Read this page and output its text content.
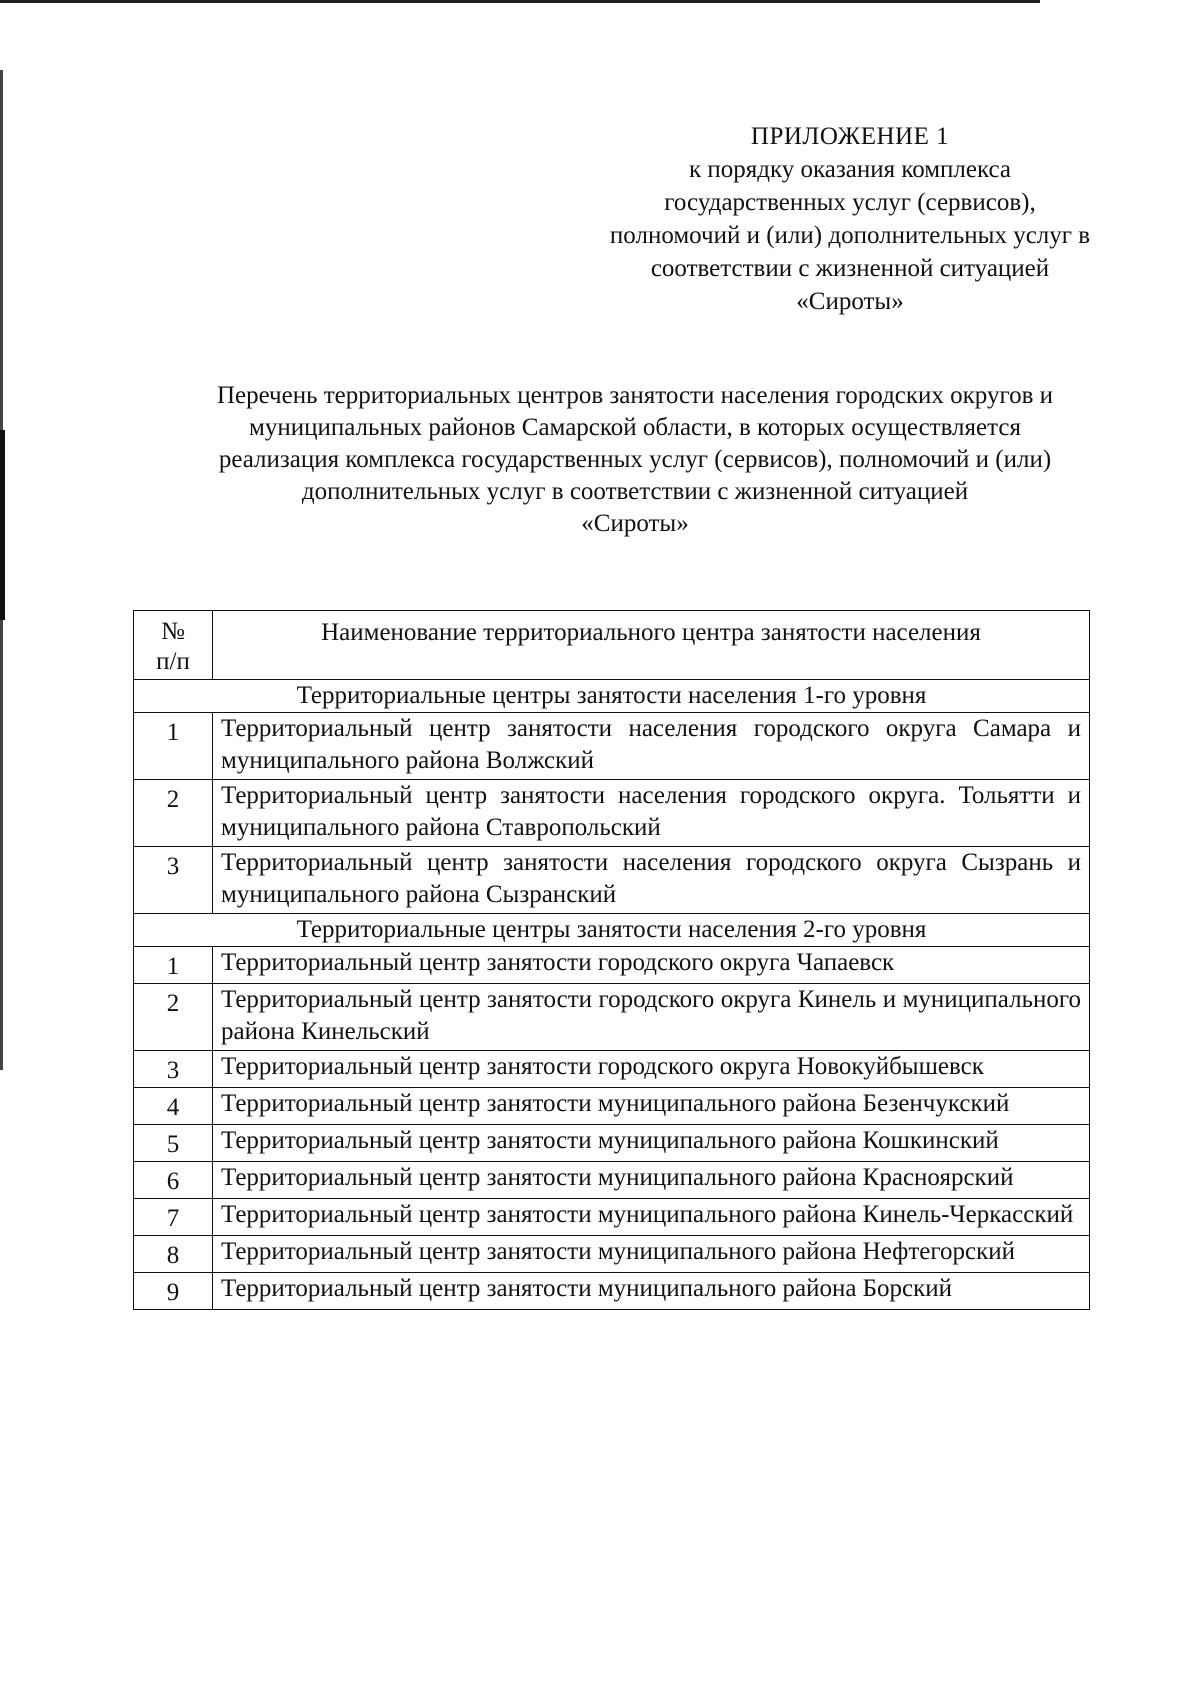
ПРИЛОЖЕНИЕ 1
к порядку оказания комплекса
государственных услуг (сервисов),
полномочий и (или) дополнительных услуг в
соответствии с жизненной ситуацией
«Сироты»
Перечень территориальных центров занятости населения городских округов и
муниципальных районов Самарской области, в которых осуществляется
реализация комплекса государственных услуг (сервисов), полномочий и (или)
дополнительных услуг в соответствии с жизненной ситуацией
«Сироты»
№
п/п	Наименование территориального центра занятости населения
Территориальные центры занятости населения 1-го уровня	
1	Территориальный центр занятости населения городского округа Самара и муниципального района Волжский
2	Территориальный центр занятости населения городского округа. Тольятти и муниципального района Ставропольский
3	Территориальный центр занятости населения городского округа Сызрань и муниципального района Сызранский
Территориальные центры занятости населения 2-го уровня	
1	Территориальный центр занятости городского округа Чапаевск
2	Территориальный центр занятости городского округа Кинель и муниципального района Кинельский
3	Территориальный центр занятости городского округа Новокуйбышевск
4	Территориальный центр занятости муниципального района Безенчукский
5	Территориальный центр занятости муниципального района Кошкинский
6	Территориальный центр занятости муниципального района Красноярский
7	Территориальный центр занятости муниципального района Кинель-Черкасский
8	Территориальный центр занятости муниципального района Нефтегорский
9	Территориальный центр занятости муниципального района Борский
